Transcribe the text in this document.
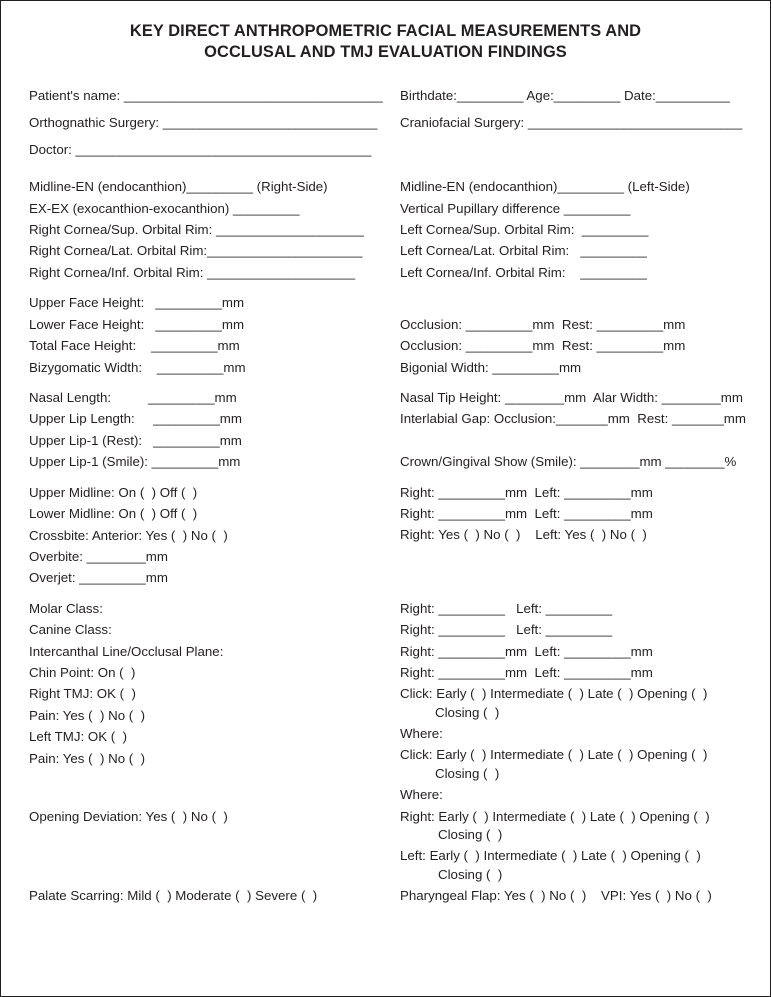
KEY DIRECT ANTHROPOMETRIC FACIAL MEASUREMENTS AND
OCCLUSAL AND TMJ EVALUATION FINDINGS
Patient's name: ___________________________________
Orthognathic Surgery: _____________________________
Doctor: ________________________________________
Midline-EN (endocanthion)_________ (Right-Side)
EX-EX (exocanthion-exocanthion) _________
Right Cornea/Sup. Orbital Rim: ____________________
Right Cornea/Lat. Orbital Rim:_____________________
Right Cornea/Inf. Orbital Rim: ____________________
Upper Face Height:   _________mm
Lower Face Height:   _________mm
Total Face Height:    _________mm
Bizygomatic Width:    _________mm
Nasal Length:          _________mm
Upper Lip Length:     _________mm
Upper Lip-1 (Rest):   _________mm
Upper Lip-1 (Smile): _________mm
Upper Midline: On (  ) Off (  )
Lower Midline: On (  ) Off (  )
Crossbite: Anterior: Yes (  ) No (  )
Overbite: ________mm
Overjet: _________mm
Molar Class:
Canine Class:
Intercanthal Line/Occlusal Plane:
Chin Point: On (  )
Right TMJ: OK (  )
Pain: Yes (  ) No (  )
Left TMJ: OK (  )
Pain: Yes (  ) No (  )
Opening Deviation: Yes (  ) No (  )
Palate Scarring: Mild (  ) Moderate (  ) Severe (  )
Birthdate:_________ Age:_________ Date:__________
Craniofacial Surgery: _____________________________
Midline-EN (endocanthion)_________ (Left-Side)
Vertical Pupillary difference _________
Left Cornea/Sup. Orbital Rim:  _________
Left Cornea/Lat. Orbital Rim:   _________
Left Cornea/Inf. Orbital Rim:    _________
Occlusion: _________mm  Rest: _________mm
Occlusion: _________mm  Rest: _________mm
Bigonial Width: _________mm
Nasal Tip Height: ________mm  Alar Width: ________mm
Interlabial Gap: Occlusion:_______mm  Rest: _______mm
Crown/Gingival Show (Smile): ________mm ________%
Right: _________mm  Left: _________mm
Right: _________mm  Left: _________mm
Right: Yes (  ) No (  )    Left: Yes (  ) No (  )
Right: _________   Left: _________
Right: _________   Left: _________
Right: _________mm  Left: _________mm
Right: _________mm  Left: _________mm
Click: Early (  ) Intermediate (  ) Late (  ) Opening (  )
Closing (  )
Where:
Click: Early (  ) Intermediate (  ) Late (  ) Opening (  )
Closing (  )
Where:
Right: Early (  ) Intermediate (  ) Late (  ) Opening (  )
Closing (  )
Left: Early (  ) Intermediate (  ) Late (  ) Opening (  )
Closing (  )
Pharyngeal Flap: Yes (  ) No (  )    VPI: Yes (  ) No (  )
